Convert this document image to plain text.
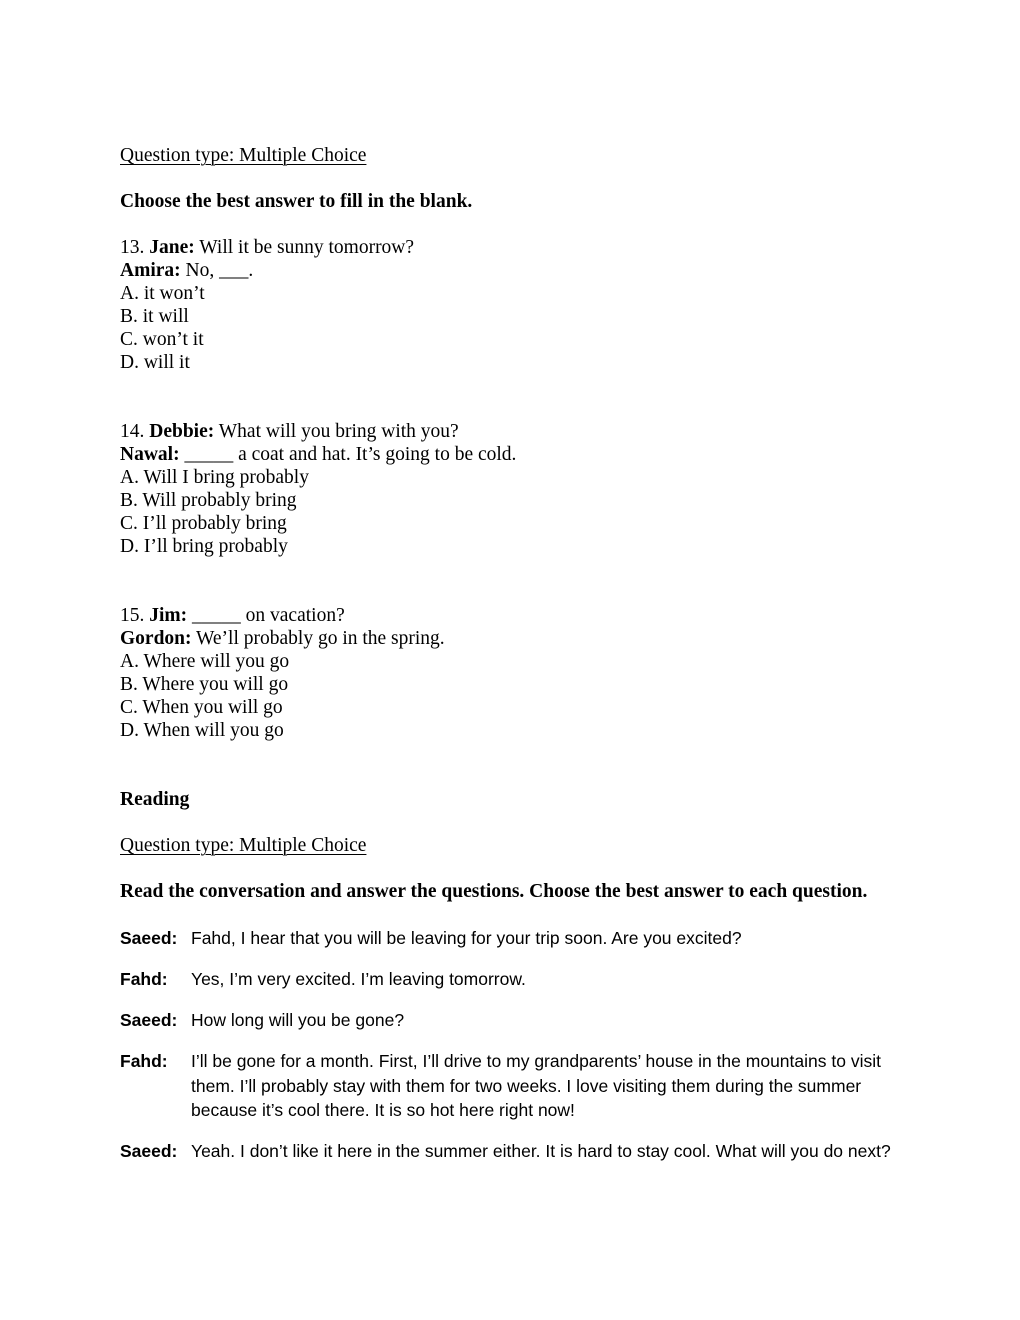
Question type: Multiple Choice
Choose the best answer to fill in the blank.
13. Jane: Will it be sunny tomorrow?
Amira: No, ___.
A. it won’t
B. it will
C. won’t it
D. will it
14. Debbie: What will you bring with you?
Nawal: _____ a coat and hat. It’s going to be cold.
A. Will I bring probably
B. Will probably bring
C. I’ll probably bring
D. I’ll bring probably
15. Jim: _____ on vacation?
Gordon: We’ll probably go in the spring.
A. Where will you go
B. Where you will go
C. When you will go
D. When will you go
Reading
Question type: Multiple Choice
Read the conversation and answer the questions. Choose the best answer to each question.
Saeed: Fahd, I hear that you will be leaving for your trip soon. Are you excited?
Fahd: Yes, I’m very excited. I’m leaving tomorrow.
Saeed: How long will you be gone?
Fahd: I’ll be gone for a month. First, I’ll drive to my grandparents’ house in the mountains to visit them. I’ll probably stay with them for two weeks. I love visiting them during the summer because it’s cool there. It is so hot here right now!
Saeed: Yeah. I don’t like it here in the summer either. It is hard to stay cool. What will you do next?
